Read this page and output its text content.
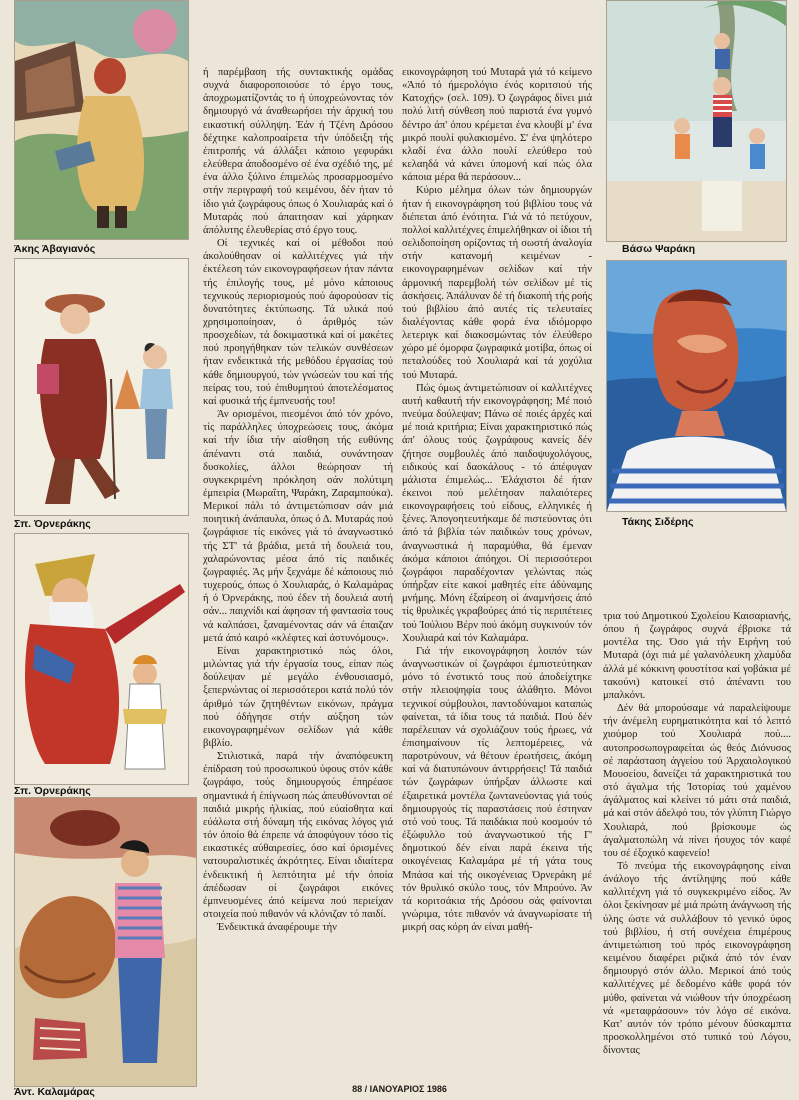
Άκης Άβαγιανός
Σπ. Όρνεράκης
Σπ. Όρνεράκης
Άντ. Καλαμάρας
Βάσω Ψαράκη
Τάκης Σιδέρης

ή παρέμβαση τής συντακτικής ομάδας συχνά διαφοροποιούσε τό έργο τους, άποχρωματίζοντάς το ή ύποχρεώνοντας τόν δημιουργό νά άναθεωρήσει τήν άρχική του εικαστική σύλληψη. Έάν ή Τζένη Δρόσου δέχτηκε καλοπροαίρετα τήν ύπόδειξη τής έπιτροπής νά άλλάξει κάποιο γεφυράκι ελεύθερα άποδοσμένο σέ ένα σχέδιό της, μέ ένα άλλο ξύλινο έπιμελώς προσαρμοσμένο στήν περιγραφή τού κειμένου, δέν ήταν τό ίδιο γιά ζωγράφους όπως ό Χουλιαράς καί ό Μυταράς πού άπαιτησαν καί χάρηκαν άπόλυτης έλευθερίας στό έργο τους.

Οί τεχνικές καί οί μέθοδοι πού άκολούθησαν οί καλλιτέχνες γιά τήν έκτέλεση τών εικονογραφήσεων ήταν πάντα τής έπιλογής τους, μέ μόνο κάποιους τεχνικούς περιορισμούς πού άφορούσαν τίς δυνατότητες έκτύπωσης. Τά υλικά πού χρησιμοποίησαν, ό άριθμός τών προσχεδίων, τά δοκιμαστικά καί οί μακέτες πού προηγήθηκαν τών τελικών συνθέσεων ήταν ενδεικτικά τής μεθόδου έργασίας τού κάθε δημιουργού, τών γνώσεών του καί τής πείρας του, τού έπιθυμητού άποτελέσματος καί φυσικά τής έμπνευσής του!

Άν ορισμένοι, πιεσμένοι άπό τόν χρόνο, τίς παράλληλες ύποχρεώσεις τους, άκόμα καί τήν ίδια τήν αίσθηση τής ευθύνης άπέναντι στά παιδιά, συνάντησαν δυσκολίες, άλλοι θεώρησαν τή συγκεκριμένη πρόκληση σάν πολύτιμη έμπειρία (Μωραΐτη, Ψαράκη, Ζαραμπούκα). Μερικοί πάλι τό άντιμετώπισαν σάν μιά ποιητική άνάπαυλα, όπως ό Δ. Μυταράς πού ζωγράφισε τίς εικόνες γιά τό άναγνωστικό τής ΣΤ' τά βράδια, μετά τή δουλειά του, χαλαρώνοντας μέσα άπό τίς παιδικές ζωγραφιές. Άς μήν ξεχνάμε δέ κάποιους πιό τυχερούς, όπως ό Χουλιαράς, ό Καλαμάρας ή ό Όρνεράκης, πού έδεν τή δουλειά αυτή σάν... παιχνίδι καί άφησαν τή φαντασία τους νά καλπάσει, ξαναμένοντας σάν νά έπαιζαν μετά άπό καιρό «κλέφτες καί άστυνόμους».

Είναι χαρακτηριστικό πώς όλοι, μιλώντας γιά τήν έργασία τους, είπαν πώς δούλεψαν μέ μεγάλο ένθουσιασμό, ξεπερνώντας οί περισσότεροι κατά πολύ τόν άριθμό τών ζητηθέντων εικόνων, πράγμα πού όδήγησε στήν αύξηση τών εικονογραφημένων σελίδων γιά κάθε βιβλίο.

Στιλιστικά, παρά τήν άναπόφευκτη έπίδραση τού προσωπικού ύφους στόν κάθε ζωγράφο, τούς δημιουργούς έπηρέασε σημαντικά ή έπίγνωση πώς άπευθύνονται σέ παιδιά μικρής ήλικίας, πού εύαίσθητα καί εύάλωτα στή δύναμη τής εικόνας λόγος γιά τόν όποίο θά έπρεπε νά άποφύγουν τόσο τίς εικαστικές αύθαιρεσίες, όσο καί όρισμένες νατουραλιστικές άκρότητες. Είναι ιδιαίτερα ένδεικτική ή λεπτότητα μέ τήν όποία άπέδωσαν οί ζωγράφοι εικόνες έμπνευσμένες άπό κείμενα πού περιείχαν στοιχεία πού πιθανόν νά κλόνιζαν τό παιδί.

Ένδεικτικά άναφέρουμε τήν

εικονογράφηση τού Μυταρά γιά τό κείμενο «Άπό τό ήμερολόγιο ένός κοριτσιού τής Κατοχής» (σελ. 109). Ό ζωγράφος δίνει μιά πολύ λιτή σύνθεση πού παριστά ένα γυμνό δέντρο άπ' όπου κρέμεται ένα κλουβί μ' ένα μικρό πουλί φυλακισμένο. Σ' ένα ψηλότερο κλαδί ένα άλλο πουλί ελεύθερο τού κελαηδά νά κάνει ύπομονή καί πώς όλα κάποια μέρα θά περάσουν...

Κύριο μέλημα όλων τών δημιουργών ήταν ή εικονογράφηση τού βιβλίου τους νά διέπεται άπό ένότητα. Γιά νά τό πετύχουν, πολλοί καλλιτέχνες έπιμελήθηκαν οί ίδιοι τή σελιδοποίηση ορίζοντας τή σωστή άναλογία στήν κατανομή κειμένων - εικονογραφημένων σελίδων καί τήν άρμονική παρεμβολή τών σελίδων μέ τίς άσκήσεις. Άπάλυναν δέ τή διακοπή τής ροής τού βιβλίου άπό αυτές τίς τελευταίες διαλέγοντας κάθε φορά ένα ιδιόμορφο λετεριγκ καί διακοσμώντας τόν έλεύθερο χώρο μέ όμορφα ζωγραφικά μοτίβα, όπως οί πεταλούδες τού Χουλιαρά καί τά χοχύλια τού Μυταρά.

Πώς όμως άντιμετώπισαν οί καλλιτέχνες αυτή καθαυτή τήν εικονογράφηση; Μέ ποιό πνεύμα δούλεψαν; Πάνω σέ ποιές άρχές καί μέ ποιά κριτήρια; Είναι χαρακτηριστικό πώς άπ' όλους τούς ζωγράφους κανείς δέν ζήτησε συμβουλές άπό παιδοψυχολόγους, ειδικούς καί δασκάλους - τό άπέφυγαν μάλιστα έπιμελώς... Έλάχιστοι δέ ήταν έκεινοι πού μελέτησαν παλαιότερες εικονογραφήσεις τού είδους, ελληνικές ή ξένες. Άπογοητευτήκαμε δέ πιστεύοντας ότι άπό τά βιβλία τών παιδικών τους χρόνων, άναγνωστικά ή παραμύθια, θά έμεναν άκόμα κάποιοι άπόηχοι. Οί περισσότεροι ζωγράφοι παραδέχονταν γελώντας πώς ύπήρξαν είτε κακοί μαθητές είτε άδύναμης μνήμης. Μόνη έξαίρεση οί άναμνήσεις άπό τίς θρυλικές γκραβούρες άπό τίς περιπέτειες τού Ίούλιου Βέρν πού άκόμη συγκινούν τόν Χουλιαρά καί τόν Καλαμάρα.

Γιά τήν εικονογράφηση λοιπόν τών άναγνωστικών οί ζωγράφοι έμπιστεύτηκαν μόνο τό ένστικτό τους πού άποδείχτηκε στήν πλειοψηφία τους άλάθητο. Μόνοι τεχνικοί σύμβουλοι, παντοδύναμοι καταπώς φαίνεται, τά ίδια τους τά παιδιά. Πού δέν παρέλειπαν νά σχολιάζουν τούς ήρωες, νά έπισημαίνουν τίς λεπτομέρειες, νά παροτρύνουν, νά θέτουν έρωτήσεις, άκόμη καί νά διατυπώνουν άντιρρήσεις! Τά παιδιά τών ζωγράφων ύπήρξαν άλλωστε καί έξαιρετικά μοντέλα ζωντανεύοντας γιά τούς δημιουργούς τίς παραστάσεις πού έστηναν στό νού τους. Τά παιδάκια πού κοσμούν τό έξώφυλλο τού άναγνωστικού τής Γ' δημοτικού δέν είναι παρά έκεινα τής οικογένειας Καλαμάρα μέ τή γάτα τους Μπάσα καί τής οικογένειας Όρνεράκη μέ τόν θρυλικό σκύλο τους, τόν Μπρούνο. Άν τά κοριτσάκια τής Δρόσου σάς φαίνονται γνώριμα, τότε πιθανόν νά άναγνωρίσατε τή μικρή σας κόρη άν είναι μαθή-

τρια τού Δημοτικού Σχολείου Καισαριανής, όπου ή ζωγράφος συχνά έβρισκε τά μοντέλα της. Όσο γιά τήν Ειρήνη τού Μυταρά (όχι πιά μέ γαλανόλευκη χλαμύδα άλλά μέ κόκκινη φουστίτσα καί γοβάκια μέ τακούνι) κατοικεί στό άπέναντι του μπαλκόνι.

Δέν θά μπορούσαμε νά παραλείψουμε τήν άνέμελη ευρηματικότητα καί τό λεπτό χιούμορ τού Χουλιαρά πού.... αυτοπροσωπογραφείται ώς θεός Διόνυσος σέ παράσταση άγγείου τού Άρχαιολογικού Μουσείου, δανείζει τά χαρακτηριστικά του στό άγαλμα τής Ίστορίας τού χαμένου άγάλματος καί κλείνει τό μάτι στά παιδιά, μά καί στόν άδελφό του, τόν γλύπτη Γιώργο Χουλιαρά, πού βρίσκουμε ώς άγαλματοπώλη νά πίνει ήσυχος τόν καφέ του σέ έξοχικό καφενείο!

Τό πνεύμα τής εικονογράφησης είναι άνάλογο τής άντίληψης πού κάθε καλλιτέχνη γιά τό συγκεκριμένο είδος. Άν όλοι ξεκίνησαν μέ μιά πρώτη άνάγνωση τής ύλης ώστε νά συλλάβουν τό γενικό ύφος τού βιβλίου, ή στή συνέχεια έπιμέρους άντιμετώπιση τού πρός εικονογράφηση κειμένου διαφέρει ριζικά άπό τόν έναν δημιουργό στόν άλλο. Μερικοί άπό τούς καλλιτέχνες μέ δεδομένο κάθε φορά τόν μύθο, φαίνεται νά νιώθουν τήν ύποχρέωση νά «μεταφράσουν» τόν λόγο σέ εικόνα. Κατ' αυτόν τόν τρόπο μένουν δύσκαμπτα προσκολλημένοι στό τυπικό τού Λόγου, δίνοντας

88 / ΙΑΝΟΥΑΡΙΟΣ 1986
